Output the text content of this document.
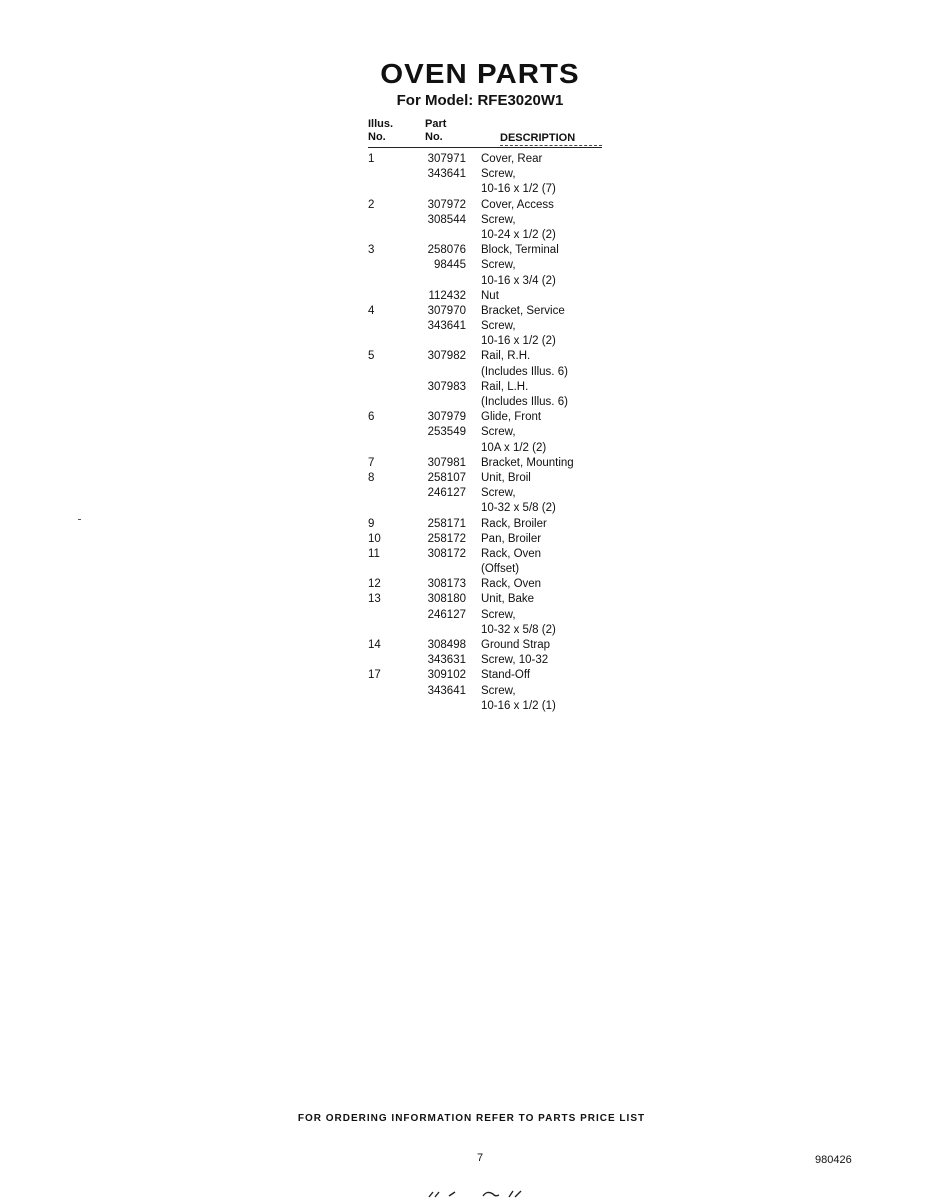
OVEN PARTS
For Model: RFE3020W1
Illus.
No.
Part
No.	DESCRIPTION
1	307971 Cover, Rear
343641 Screw,
10-16 x 1/2 (7)
2	307972 Cover, Access
308544 Screw,
10-24 x 1/2 (2)
3	258076 Block, Terminal
98445 Screw,
10-16 x 3/4 (2)
112432 Nut
4	307970 Bracket, Service
343641 Screw,
10-16 x 1/2 (2)
5	307982 Rail, R.H.
(Includes Illus. 6)
307983 Rail, L.H.
(Includes Illus. 6)
6	307979 Glide, Front
253549 Screw,
10A x 1/2 (2)
7	307981 Bracket, Mounting
8	258107 Unit, Broil
246127 Screw,
10-32 x 5/8 (2)
9	258171 Rack, Broiler
10	258172 Pan, Broiler
11	308172 Rack, Oven
(Offset)
12	308173 Rack, Oven
13	308180 Unit, Bake
246127 Screw,
10-32 x 5/8 (2)
14	308498 Ground Strap
343631 Screw, 10-32
17	309102 Stand-Off
343641 Screw,
10-16 x 1/2 (1)
FOR ORDERING INFORMATION REFER TO PARTS PRICE LIST
7	980426
